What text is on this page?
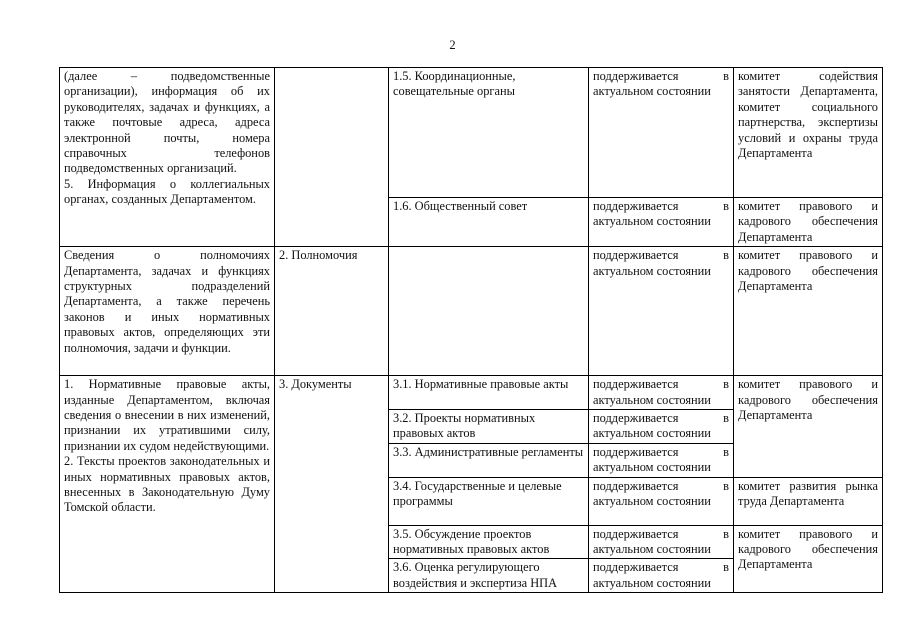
2
(далее – подведомственные организации), информация об их руководителях, задачах и функциях, а также почтовые адреса, адреса электронной почты, номера справочных телефонов подведомственных организаций.
5. Информация о коллегиальных органах, созданных Департаментом.		1.5. Координационные, совещательные органы	поддерживается в актуальном состоянии	комитет содействия занятости Департамента, комитет социального партнерства, экспертизы условий и охраны труда Департамента
		1.6. Общественный совет	поддерживается в актуальном состоянии	комитет правового и кадрового обеспечения Департамента
Сведения о полномочиях Департамента, задачах и функциях структурных подразделений Департамента, а также перечень законов и иных нормативных правовых актов, определяющих эти полномочия, задачи и функции.	2. Полномочия		поддерживается в актуальном состоянии	комитет правового и кадрового обеспечения Департамента

1. Нормативные правовые акты, изданные Департаментом, включая сведения о внесении в них изменений, признании их утратившими силу, признании их судом недействующими.
2. Тексты проектов законодательных и иных нормативных правовых актов, внесенных в Законодательную Думу Томской области.	3. Документы	3.1. Нормативные правовые акты	поддерживается в актуальном состоянии	комитет правового и кадрового обеспечения Департамента
		3.2. Проекты нормативных правовых актов	поддерживается в актуальном состоянии	
		3.3. Административные регламенты	поддерживается в актуальном состоянии	
		3.4. Государственные и целевые программы	поддерживается в актуальном состоянии	комитет развития рынка труда Департамента
		3.5. Обсуждение проектов нормативных правовых актов	поддерживается в актуальном состоянии	комитет правового и кадрового обеспечения Департамента
		3.6. Оценка регулирующего воздействия и экспертиза НПА	поддерживается в актуальном состоянии	
